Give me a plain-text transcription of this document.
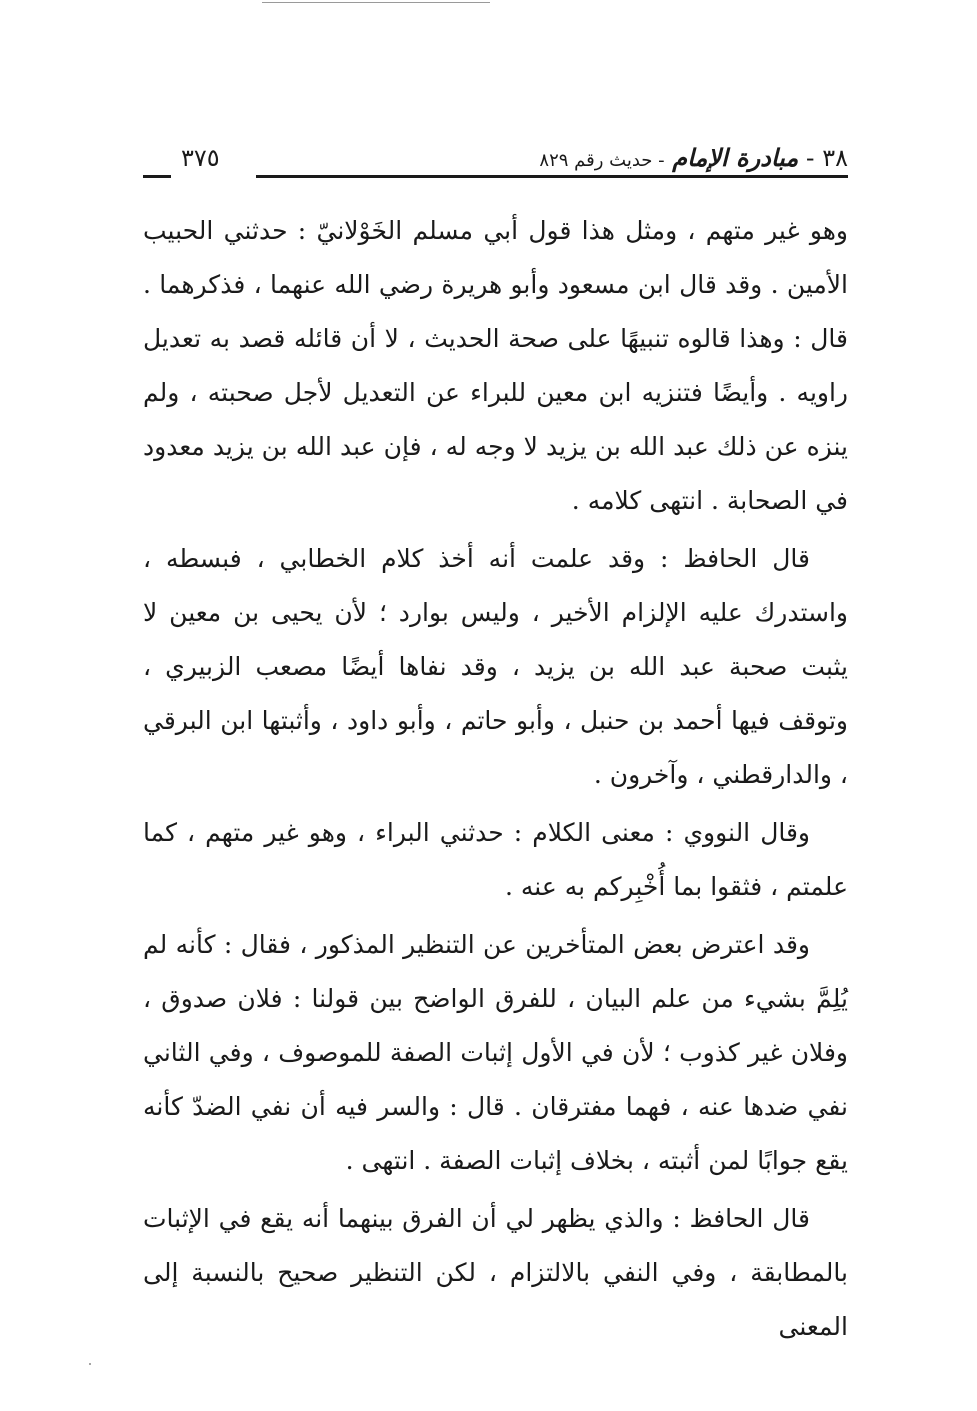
٣٨ - مبادرة الإمام - حديث رقم ٨٢٩
٣٧٥

وهو غير متهم ، ومثل هذا قول أبي مسلم الخَوْلانيّ : حدثني الحبيب الأمين . وقد قال ابن مسعود وأبو هريرة رضي الله عنهما ، فذكرهما . قال : وهذا قالوه تنبيهًا على صحة الحديث ، لا أن قائله قصد به تعديل راويه . وأيضًا فتنزيه ابن معين للبراء عن التعديل لأجل صحبته ، ولم ينزه عن ذلك عبد الله بن يزيد لا وجه له ، فإن عبد الله بن يزيد معدود في الصحابة . انتهى كلامه .

قال الحافظ : وقد علمت أنه أخذ كلام الخطابي ، فبسطه ، واستدرك عليه الإلزام الأخير ، وليس بوارد ؛ لأن يحيى بن معين لا يثبت صحبة عبد الله بن يزيد ، وقد نفاها أيضًا مصعب الزبيري ، وتوقف فيها أحمد بن حنبل ، وأبو حاتم ، وأبو داود ، وأثبتها ابن البرقي ، والدارقطني ، وآخرون .

وقال النووي : معنى الكلام : حدثني البراء ، وهو غير متهم ، كما علمتم ، فثقوا بما أُخْبِركم به عنه .

وقد اعترض بعض المتأخرين عن التنظير المذكور ، فقال : كأنه لم يُلِمَّ بشيء من علم البيان ، للفرق الواضح بين قولنا : فلان صدوق ، وفلان غير كذوب ؛ لأن في الأول إثبات الصفة للموصوف ، وفي الثاني نفي ضدها عنه ، فهما مفترقان . قال : والسر فيه أن نفي الضدّ كأنه يقع جوابًا لمن أثبته ، بخلاف إثبات الصفة . انتهى .

قال الحافظ : والذي يظهر لي أن الفرق بينهما أنه يقع في الإثبات بالمطابقة ، وفي النفي بالالتزام ، لكن التنظير صحيح بالنسبة إلى المعنى
